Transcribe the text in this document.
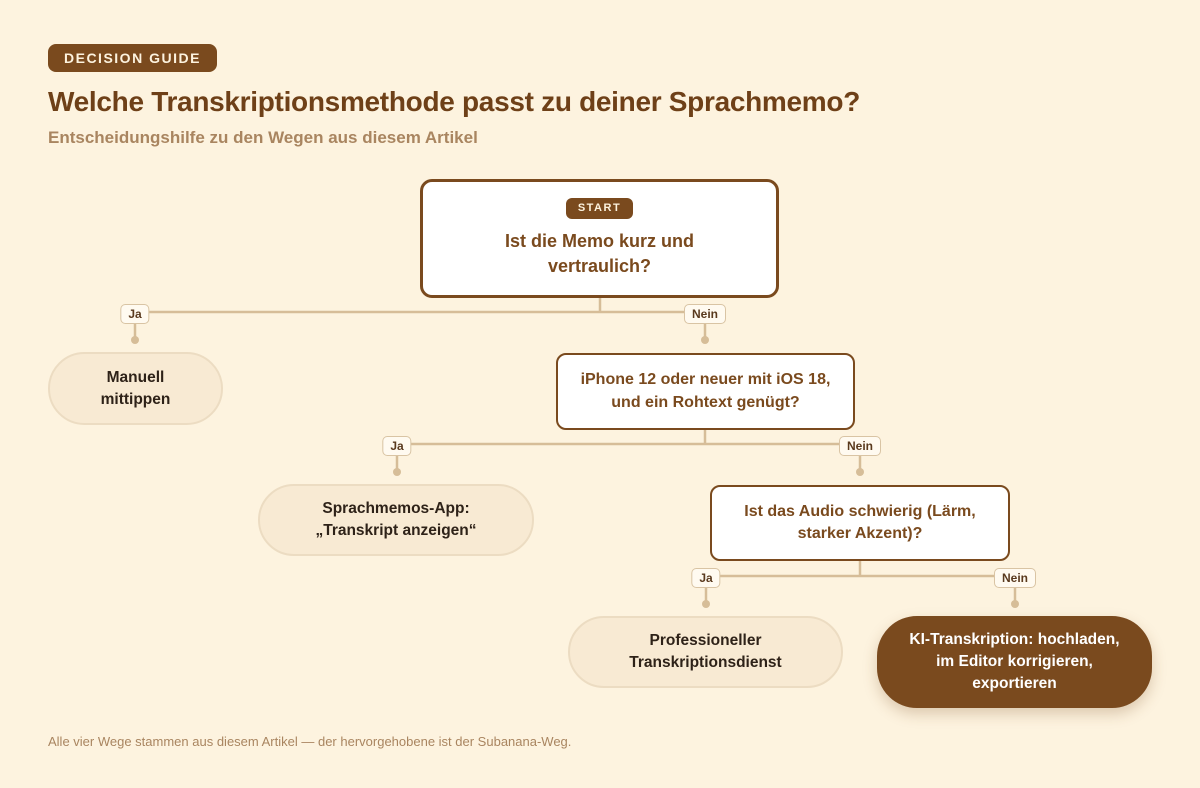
DECISION GUIDE
Welche Transkriptionsmethode passt zu deiner Sprachmemo?
Entscheidungshilfe zu den Wegen aus diesem Artikel
Ja	Nein
Ja	Nein
Ja	Nein
START
Ist die Memo kurz und vertraulich?
iPhone 12 oder neuer mit iOS 18, und ein Rohtext genügt?
Ist das Audio schwierig (Lärm, starker Akzent)?
Manuell mittippen
Sprachmemos-App: „Transkript anzeigen“
Professioneller Transkriptionsdienst
KI-Transkription: hochladen, im Editor korrigieren, exportieren
Alle vier Wege stammen aus diesem Artikel — der hervorgehobene ist der Subanana-Weg.
